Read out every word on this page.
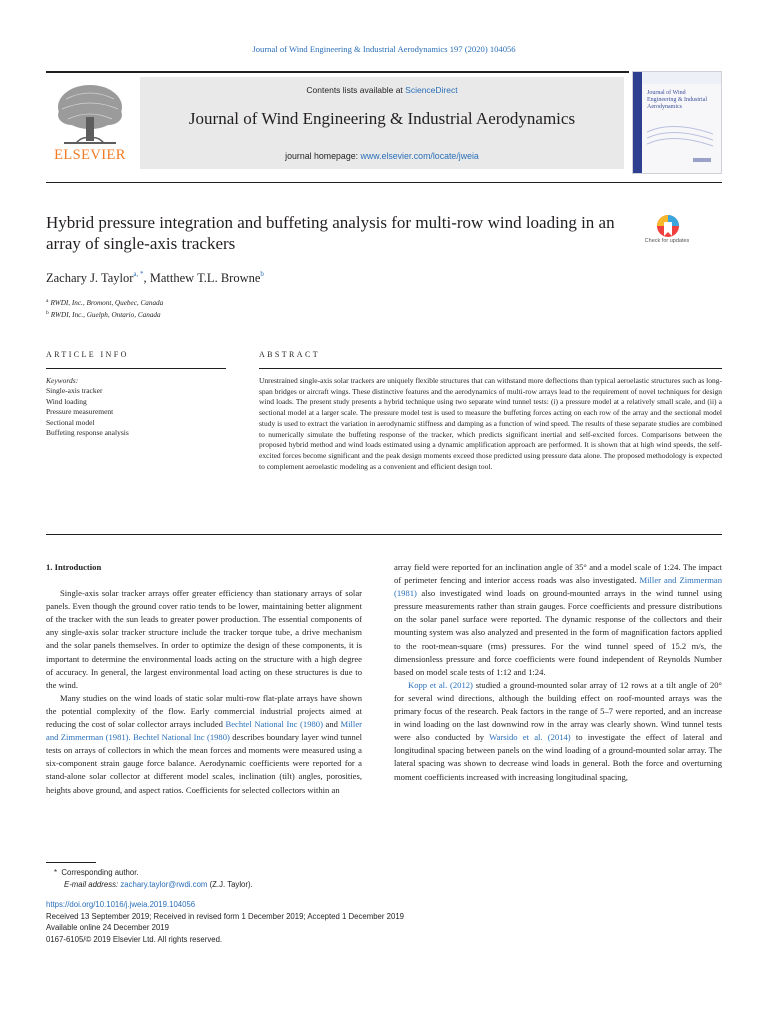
Journal of Wind Engineering & Industrial Aerodynamics 197 (2020) 104056
ELSEVIER
Contents lists available at ScienceDirect
Journal of Wind Engineering & Industrial Aerodynamics
journal homepage: www.elsevier.com/locate/jweia
Journal of Wind Engineering & Industrial Aerodynamics
Hybrid pressure integration and buffeting analysis for multi-row wind loading in an array of single-axis trackers	Check for updates
Zachary J. Taylor$^{a, *}$, Matthew T.L. Browne$^b$
$^a$ RWDI, Inc., Bromont, Quebec, Canada
$^b$ RWDI, Inc., Guelph, Ontario, Canada
ARTICLE INFO	ABSTRACT
Keywords:
Single-axis tracker
Wind loading
Pressure measurement
Sectional model
Buffeting response analysis
Unrestrained single-axis solar trackers are uniquely flexible structures that can withstand more deflections than typical aeroelastic structures such as long-span bridges or aircraft wings. These distinctive features and the aerodynamics of multi-row arrays lead to the requirement of novel techniques for design wind loads. The present study presents a hybrid technique using two separate wind tunnel tests: (i) a pressure model at a relatively small scale, and (ii) a sectional model at a larger scale. The pressure model test is used to measure the buffeting forces acting on each row of the array and the sectional model study is used to extract the variation in aerodynamic stiffness and damping as a function of wind speed. The results of these separate studies are combined to numerically simulate the buffeting response of the tracker, which predicts significant inertial and self-excited forces. Comparisons between the proposed hybrid method and wind loads estimated using a dynamic amplification approach are performed. It is shown that at high wind speeds, the self-excited forces become significant and the peak design moments exceed those predicted using pressure data alone. The proposed methodology is expected to complement aeroelastic modeling as a convenient and efficient design tool.
1. Introduction

Single-axis solar tracker arrays offer greater efficiency than stationary arrays of solar panels. Even though the ground cover ratio tends to be lower, maintaining better alignment of the tracker with the sun leads to greater power production. The essential components of any single-axis solar tracker structure include the tracker torque tube, a drive mechanism and the solar panels themselves. In order to optimize the design of these components, it is important to determine the environmental loads acting on the structure with a high degree of accuracy. In general, the largest environmental load acting on these structures is due to the wind.

Many studies on the wind loads of static solar multi-row flat-plate arrays have shown the potential complexity of the flow. Early commercial industrial projects aimed at reducing the cost of solar collector arrays included Bechtel National Inc (1980) and Miller and Zimmerman (1981). Bechtel National Inc (1980) describes boundary layer wind tunnel tests on arrays of collectors in which the mean forces and moments were measured using a six-component strain gauge force balance. Aerodynamic coefficients were reported for a stand-alone solar collector at different model scales, inclination (tilt) angles, porosities, heights above ground, and aspect ratios. Coefficients for selected collectors within an

array field were reported for an inclination angle of 35° and a model scale of 1:24. The impact of perimeter fencing and interior access roads was also investigated. Miller and Zimmerman (1981) also investigated wind loads on ground-mounted arrays in the wind tunnel using pressure measurements rather than strain gauges. Force coefficients and pressure distributions on the solar panel surface were reported. The dynamic response of the collectors and their mounting system was also analyzed and presented in the form of magnification factors applied to the root-mean-square (rms) pressures. For the wind tunnel speed of 15.2 m/s, the dimensionless pressure and force coefficients were found independent of Reynolds Number based on model scale tests of 1:12 and 1:24.

Kopp et al. (2012) studied a ground-mounted solar array of 12 rows at a tilt angle of 20° for several wind directions, although the building effect on roof-mounted arrays was the primary focus of the research. Peak factors in the range of 5–7 were reported, and an increase in wind loading on the last downwind row in the array was clearly shown. Wind tunnel tests were also conducted by Warsido et al. (2014) to investigate the effect of lateral and longitudinal spacing between panels on the wind loading of a ground-mounted solar array. The lateral spacing was shown to decrease wind loads in general. Both the force and overturning moment coefficients increased with increasing longitudinal spacing,

* Corresponding author.
E-mail address: zachary.taylor@rwdi.com (Z.J. Taylor).
https://doi.org/10.1016/j.jweia.2019.104056
Received 13 September 2019; Received in revised form 1 December 2019; Accepted 1 December 2019
Available online 24 December 2019
0167-6105/© 2019 Elsevier Ltd. All rights reserved.
